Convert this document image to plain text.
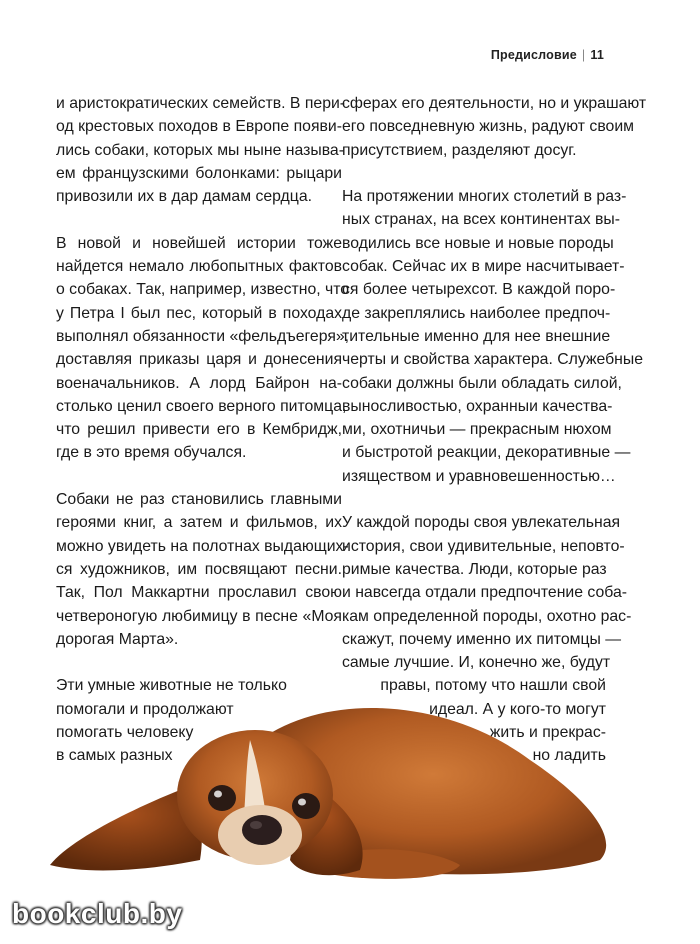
Предисловие | 11

и аристократических семейств. В пери-
од крестовых походов в Европе появи-
лись собаки, которых мы ныне называ-
ем французскими болонками: рыцари
привозили их в дар дамам сердца.

В новой и новейшей истории тоже
найдется немало любопытных фактов
о собаках. Так, например, известно, что
у Петра I был пес, который в походах
выполнял обязанности «фельдъегеря»,
доставляя приказы царя и донесения
военачальников. А лорд Байрон на-
столько ценил своего верного питомца,
что решил привести его в Кембридж,
где в это время обучался.

Собаки не раз становились главными
героями книг, а затем и фильмов, их
можно увидеть на полотнах выдающих-
ся художников, им посвящают песни.
Так, Пол Маккартни прославил свою
четвероногую любимицу в песне «Моя
дорогая Марта».

Эти умные животные не только
помогали и продолжают
помогать человеку
в самых разных

сферах его деятельности, но и украшают
его повседневную жизнь, радуют своим
присутствием, разделяют досуг.

На протяжении многих столетий в раз-
ных странах, на всех континентах вы-
водились все новые и новые породы
собак. Сейчас их в мире насчитывает-
ся более четырехсот. В каждой поро-
де закреплялись наиболее предпоч-
тительные именно для нее внешние
черты и свойства характера. Служебные
собаки должны были обладать силой,
выносливостью, охранныи качества-
ми, охотничьи — прекрасным нюхом
и быстротой реакции, декоративные —
изяществом и уравновешенностью…

У каждой породы своя увлекательная
история, свои удивительные, неповто-
римые качества. Люди, которые раз
и навсегда отдали предпочтение соба-
кам определенной породы, охотно рас-
скажут, почему именно их питомцы —
самые лучшие. И, конечно же, будут
правы, потому что нашли свой
идеал. А у кого-то могут
жить и прекрас-
но ладить

bookclub.by
